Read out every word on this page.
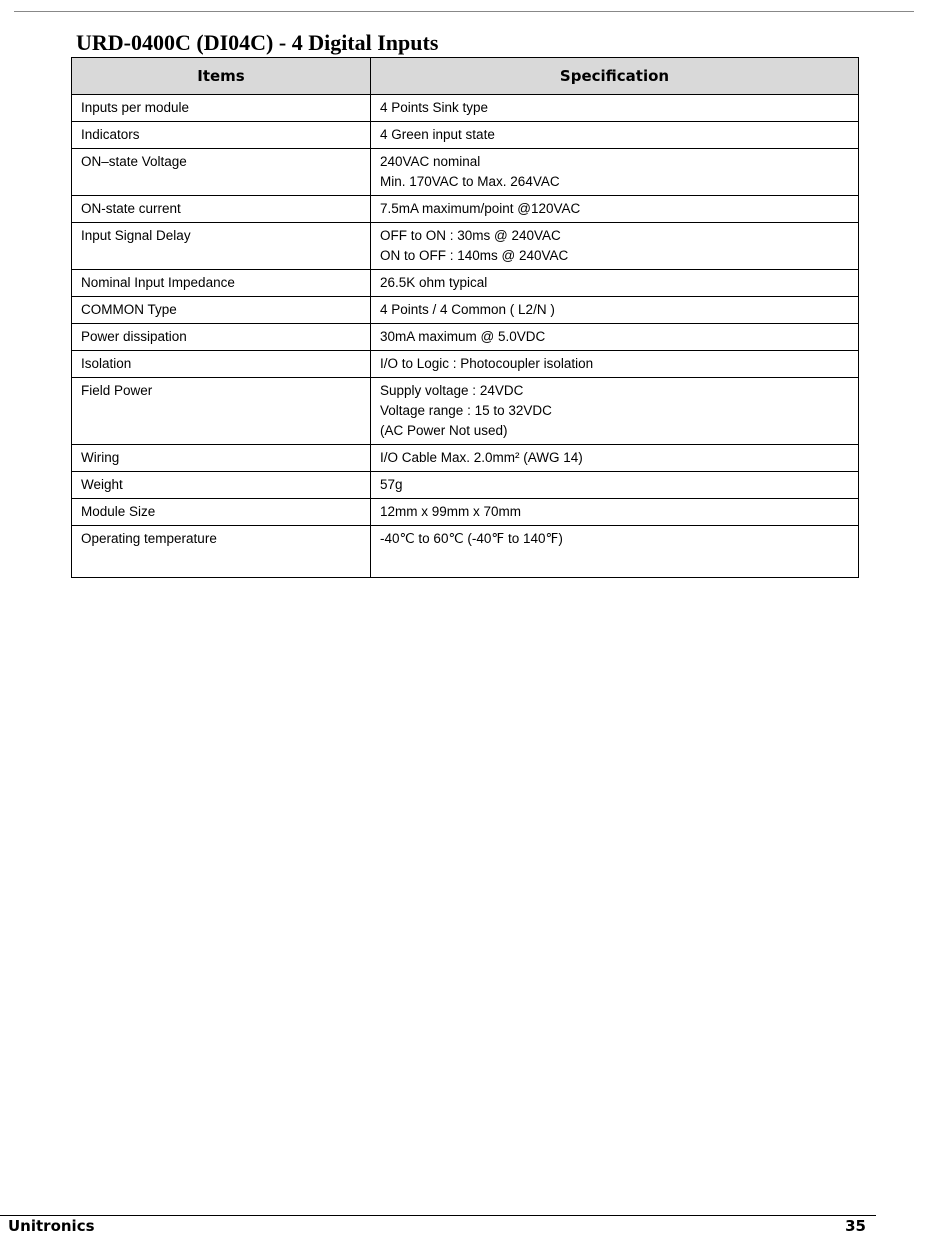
URD-0400C (DI04C) - 4 Digital Inputs
Items	Specification
Inputs per module	4 Points Sink type

Indicators	4 Green input state

ON–state Voltage	240VAC nominal
Min. 170VAC to Max. 264VAC

ON-state current	7.5mA maximum/point @120VAC

Input Signal Delay	OFF to ON : 30ms @ 240VAC
ON to OFF : 140ms @ 240VAC

Nominal Input Impedance	26.5K ohm typical

COMMON Type	4 Points / 4 Common ( L2/N )

Power dissipation	30mA maximum @ 5.0VDC

Isolation	I/O to Logic : Photocoupler isolation

Field Power	Supply voltage : 24VDC
Voltage range : 15 to 32VDC
(AC Power Not used)

Wiring	I/O Cable Max. 2.0mm² (AWG 14)

Weight	57g

Module Size	12mm x 99mm x 70mm

Operating temperature	-40℃ to 60℃ (-40℉ to 140℉)
Unitronics	35
